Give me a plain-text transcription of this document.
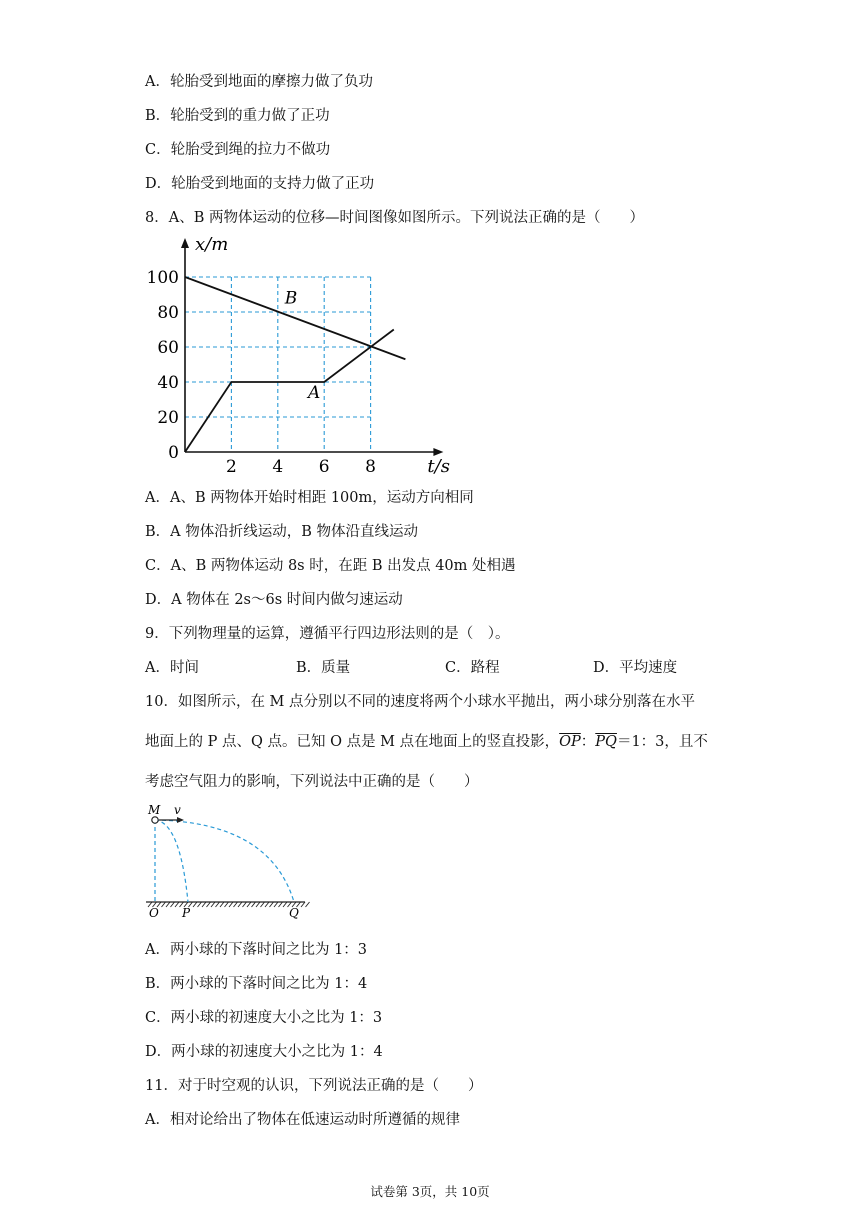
A．轮胎受到地面的摩擦力做了负功
B．轮胎受到的重力做了正功
C．轮胎受到绳的拉力不做功
D．轮胎受到地面的支持力做了正功
8．A、B 两物体运动的位移—时间图像如图所示。下列说法正确的是（　　）
2 4 6 8
0
20
40
60
80
100
x/m
t/s
B
A
A．A、B 两物体开始时相距 100m，运动方向相同
B．A 物体沿折线运动，B 物体沿直线运动
C．A、B 两物体运动 8s 时，在距 B 出发点 40m 处相遇
D．A 物体在 2s～6s 时间内做匀速运动
9．下列物理量的运算，遵循平行四边形法则的是（　）。
A．时间	B．质量	C．路程	D．平均速度
10．如图所示，在 M 点分别以不同的速度将两个小球水平抛出，两小球分别落在水平
地面上的 P 点、Q 点。已知 O 点是 M 点在地面上的竖直投影，$\overline{OP}$：$\overline{PQ}=1$：3，且不
考虑空气阻力的影响，下列说法中正确的是（　　）
M v
O P	Q
A．两小球的下落时间之比为 1：3
B．两小球的下落时间之比为 1：4
C．两小球的初速度大小之比为 1：3
D．两小球的初速度大小之比为 1：4
11．对于时空观的认识，下列说法正确的是（　　）
A．相对论给出了物体在低速运动时所遵循的规律
试卷第 3页，共 10页
